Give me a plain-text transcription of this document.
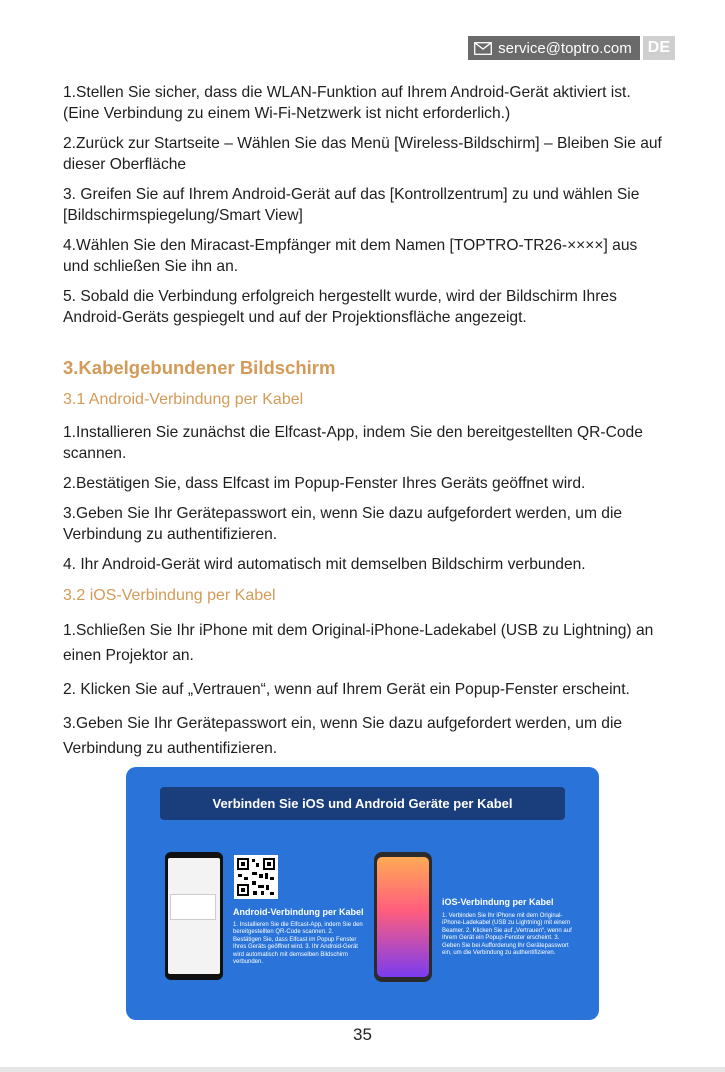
service@toptro.com	DE

1.Stellen Sie sicher, dass die WLAN-Funktion auf Ihrem Android-Gerät aktiviert ist. (Eine Verbindung zu einem Wi-Fi-Netzwerk ist nicht erforderlich.)

2.Zurück zur Startseite – Wählen Sie das Menü [Wireless-Bildschirm] – Bleiben Sie auf dieser Oberfläche

3. Greifen Sie auf Ihrem Android-Gerät auf das [Kontrollzentrum] zu und wählen Sie [Bildschirmspiegelung/Smart View]

4.Wählen Sie den Miracast-Empfänger mit dem Namen [TOPTRO-TR26-××××] aus und schließen Sie ihn an.

5. Sobald die Verbindung erfolgreich hergestellt wurde, wird der Bildschirm Ihres Android-Geräts gespiegelt und auf der Projektionsfläche angezeigt.

3.Kabelgebundener Bildschirm
3.1 Android-Verbindung per Kabel

1.Installieren Sie zunächst die Elfcast-App, indem Sie den bereitgestellten QR-Code scannen.

2.Bestätigen Sie, dass Elfcast im Popup-Fenster Ihres Geräts geöffnet wird.

3.Geben Sie Ihr Gerätepasswort ein, wenn Sie dazu aufgefordert werden, um die Verbindung zu authentifizieren.

4. Ihr Android-Gerät wird automatisch mit demselben Bildschirm verbunden.

3.2 iOS-Verbindung per Kabel

1.Schließen Sie Ihr iPhone mit dem Original-iPhone-Ladekabel (USB zu Lightning) an einen Projektor an.

2. Klicken Sie auf „Vertrauen“, wenn auf Ihrem Gerät ein Popup-Fenster erscheint.

3.Geben Sie Ihr Gerätepasswort ein, wenn Sie dazu aufgefordert werden, um die Verbindung zu authentifizieren.

Verbinden Sie iOS und Android Geräte per Kabel
Android-Verbindung per Kabel
1. Installieren Sie die Elfcast-App, indem Sie den bereitgestellten QR-Code scannen. 2. Bestätigen Sie, dass Elfcast im Popup Fenster Ihres Geräts geöffnet wird. 3. Ihr Android-Gerät wird automatisch mit demselben Bildschirm verbunden.
iOS-Verbindung per Kabel
1. Verbinden Sie Ihr iPhone mit dem Original-iPhone-Ladekabel (USB zu Lightning) mit einem Beamer. 2. Klicken Sie auf „Vertrauen“, wenn auf Ihrem Gerät ein Popup-Fenster erscheint. 3. Geben Sie bei Aufforderung Ihr Gerätepasswort ein, um die Verbindung zu authentifizieren.
35
